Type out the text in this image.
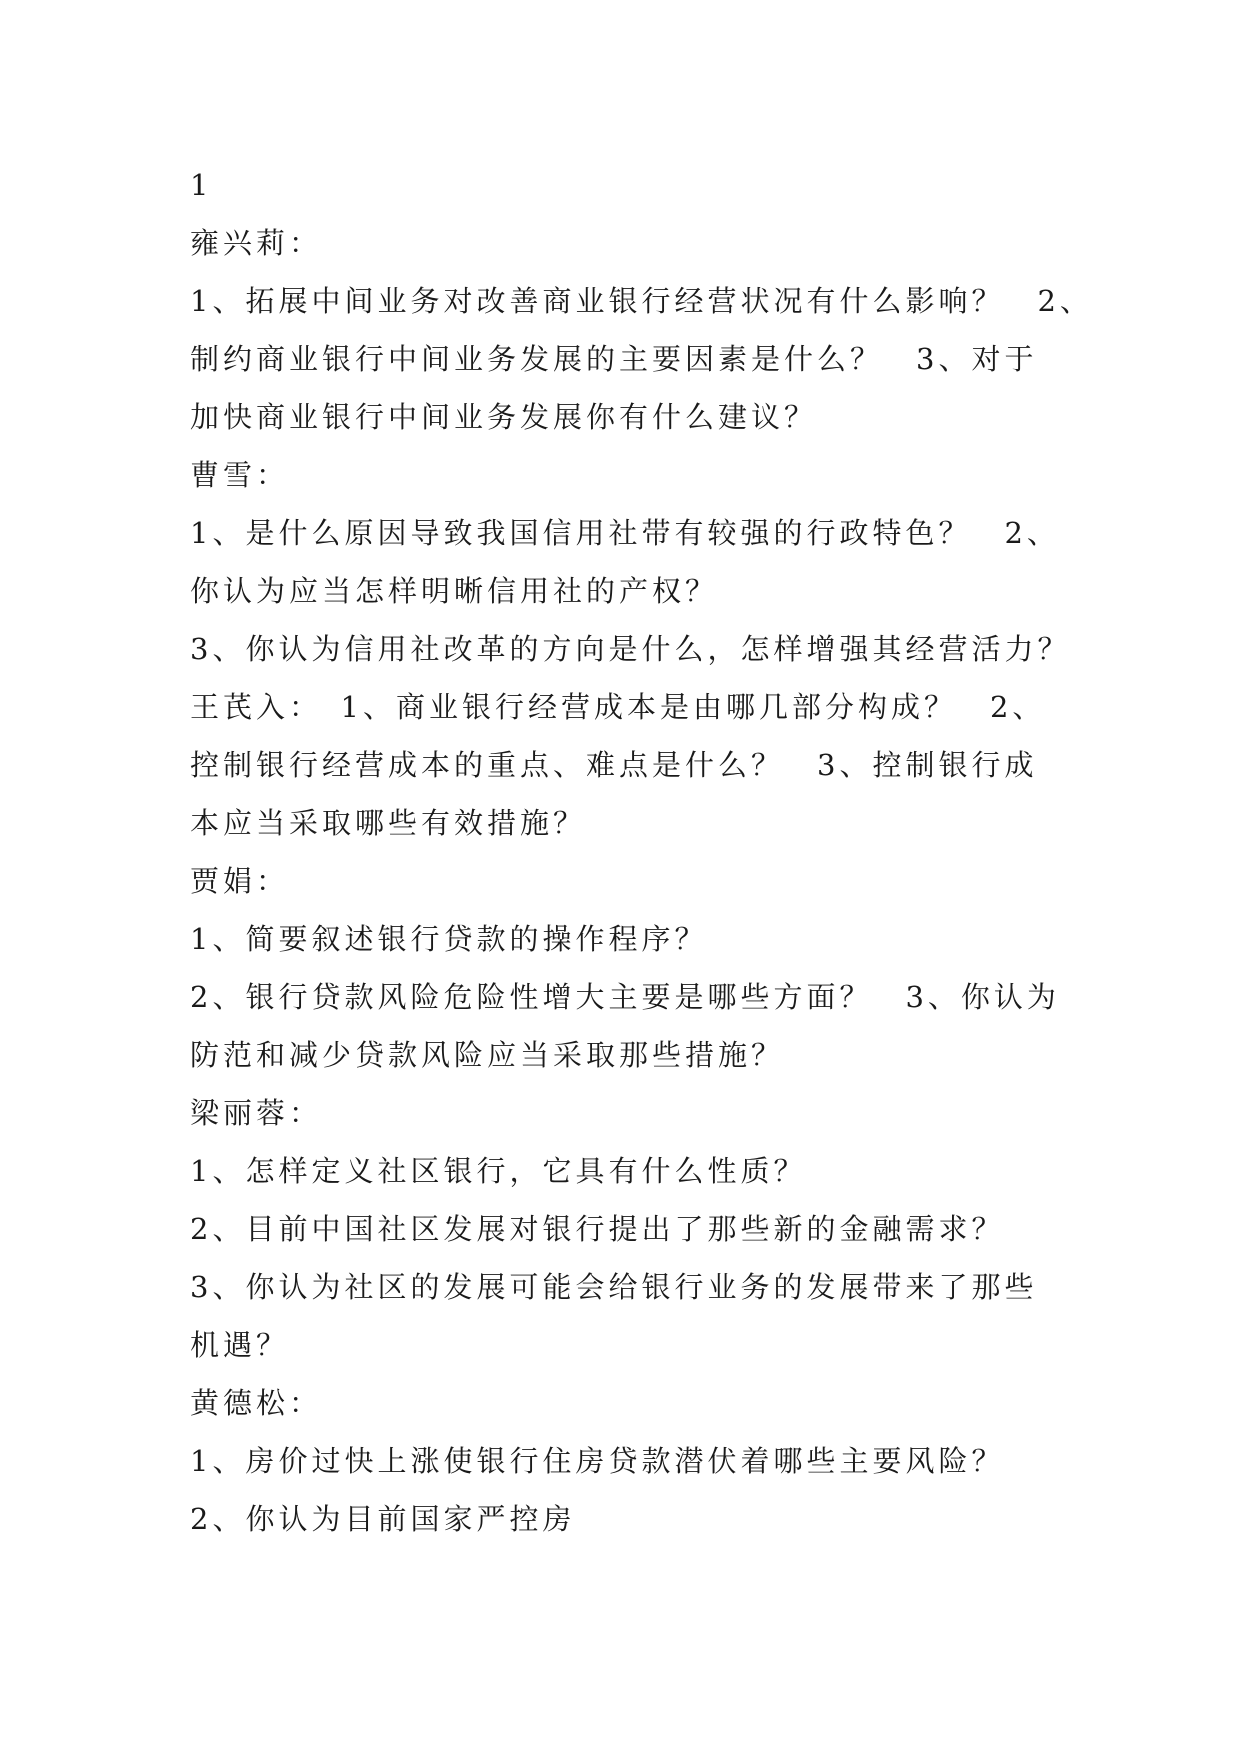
1
雍兴莉：
1、拓展中间业务对改善商业银行经营状况有什么影响？　2、
制约商业银行中间业务发展的主要因素是什么？　3、对于
加快商业银行中间业务发展你有什么建议？
曹雪：
1、是什么原因导致我国信用社带有较强的行政特色？　2、
你认为应当怎样明晰信用社的产权？
3、你认为信用社改革的方向是什么，怎样增强其经营活力？
王芪入：　1、商业银行经营成本是由哪几部分构成？　2、
控制银行经营成本的重点、难点是什么？　3、控制银行成
本应当采取哪些有效措施？
贾娟：
1、简要叙述银行贷款的操作程序？
2、银行贷款风险危险性增大主要是哪些方面？　3、你认为
防范和减少贷款风险应当采取那些措施？
梁丽蓉：
1、怎样定义社区银行，它具有什么性质？
2、目前中国社区发展对银行提出了那些新的金融需求？
3、你认为社区的发展可能会给银行业务的发展带来了那些
机遇？
黄德松：
1、房价过快上涨使银行住房贷款潜伏着哪些主要风险？
2、你认为目前国家严控房
